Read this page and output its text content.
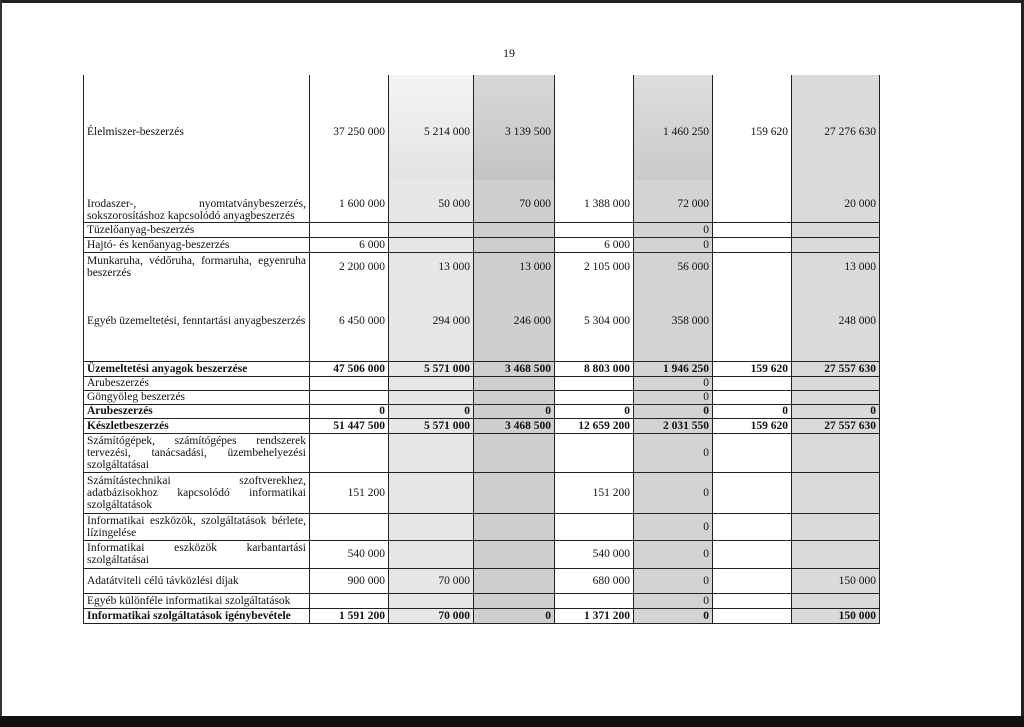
19
Élelmiszer-beszerzés	37 250 000	5 214 000	3 139 500		1 460 250	159 620	27 276 630
Irodaszer-, nyomtatványbeszerzés, sokszorosításhoz kapcsolódó anyagbeszerzés	1 600 000	50 000	70 000	1 388 000	72 000		20 000
Tüzelőanyag-beszerzés					0		
Hajtó- és kenőanyag-beszerzés	6 000			6 000	0		
Munkaruha, védőruha, formaruha, egyenruha beszerzés	2 200 000	13 000	13 000	2 105 000	56 000		13 000
Egyéb üzemeltetési, fenntartási anyagbeszerzés	6 450 000	294 000	246 000	5 304 000	358 000		248 000
Üzemeltetési anyagok beszerzése	47 506 000	5 571 000	3 468 500	8 803 000	1 946 250	159 620	27 557 630
Árubeszerzés					0		
Göngyöleg beszerzés					0		
Árubeszerzés	0	0	0	0	0	0	0
Készletbeszerzés	51 447 500	5 571 000	3 468 500	12 659 200	2 031 550	159 620	27 557 630
Számítógépek, számítógépes rendszerek tervezési, tanácsadási, üzembehelyezési szolgáltatásai					0		
Számítástechnikai szoftverekhez, adatbázisokhoz kapcsolódó informatikai szolgáltatások	151 200			151 200	0		
Informatikai eszközök, szolgáltatások bérlete, lízingelése					0		
Informatikai eszközök karbantartási szolgáltatásai	540 000			540 000	0		
Adatátviteli célú távközlési díjak	900 000	70 000		680 000	0		150 000
Egyéb különféle informatikai szolgáltatások					0		
Informatikai szolgáltatások igénybevétele	1 591 200	70 000	0	1 371 200	0		150 000
